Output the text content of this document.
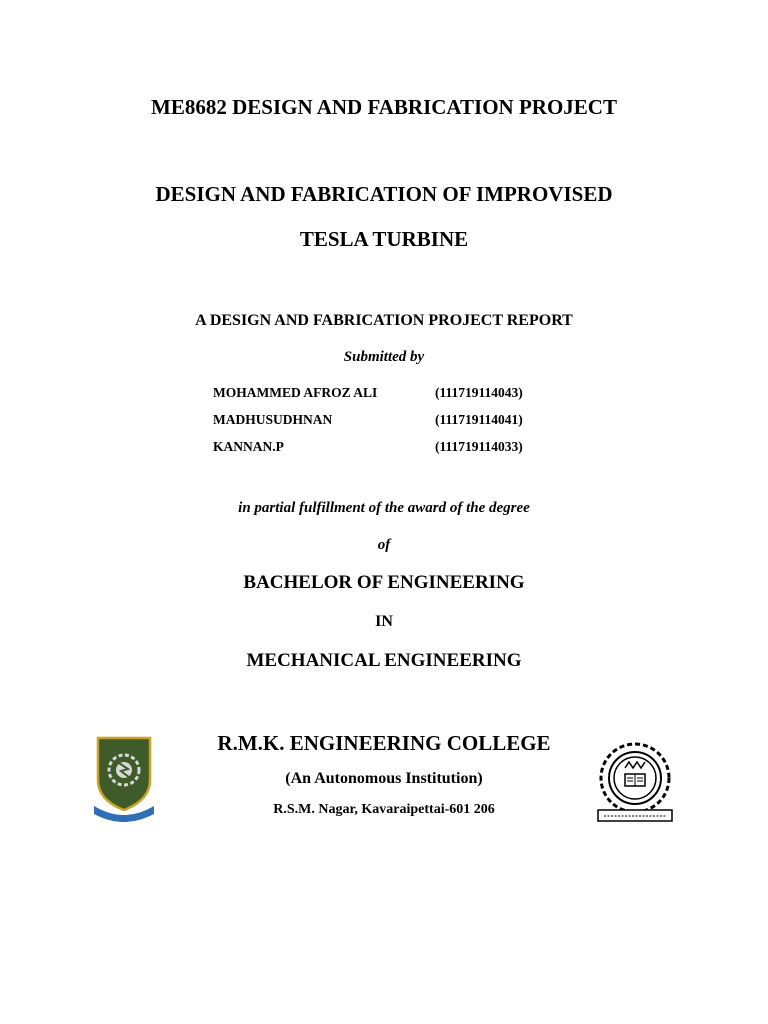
ME8682 DESIGN AND FABRICATION PROJECT
DESIGN AND FABRICATION OF IMPROVISED
TESLA TURBINE
A DESIGN AND FABRICATION PROJECT REPORT
Submitted by
MOHAMMED AFROZ ALI	(111719114043)
MADHUSUDHNAN	(111719114041)
KANNAN.P	(111719114033)
in partial fulfillment of the award of the degree
of
BACHELOR OF ENGINEERING
IN
MECHANICAL ENGINEERING
R.M.K. ENGINEERING COLLEGE
(An Autonomous Institution)
R.S.M. Nagar, Kavaraipettai-601 206
